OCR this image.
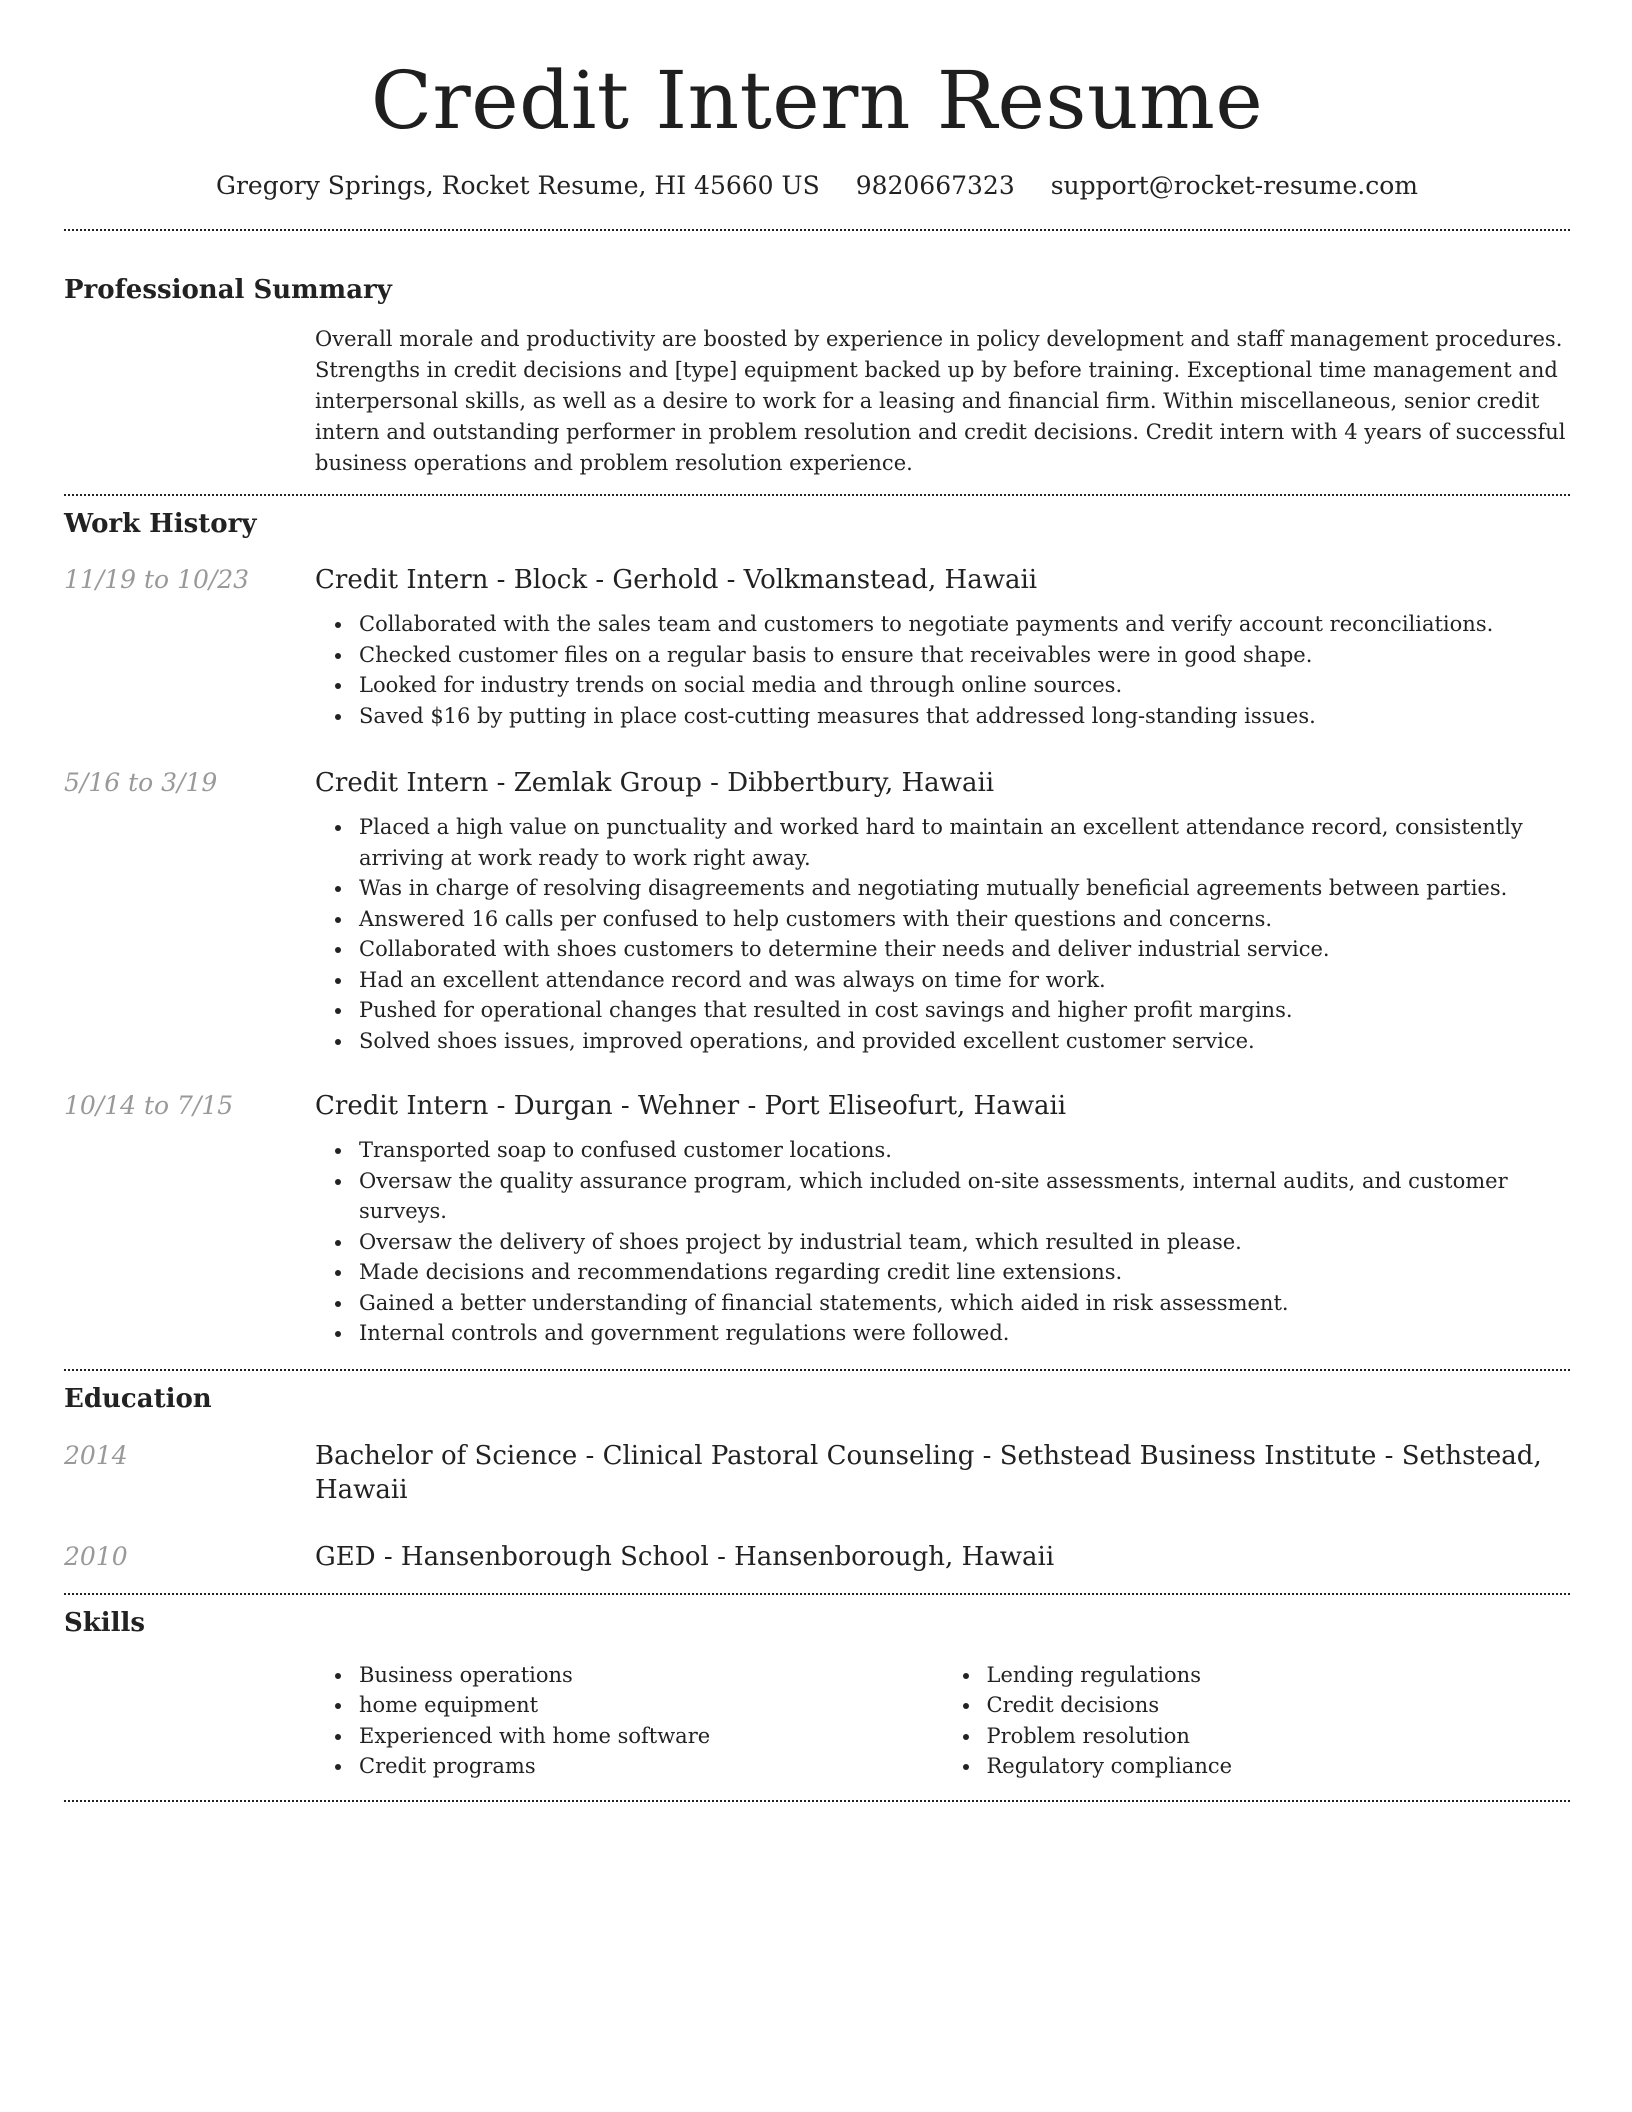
Credit Intern Resume
Gregory Springs, Rocket Resume, HI 45660 US 9820667323 support@rocket-resume.com
Professional Summary

Overall morale and productivity are boosted by experience in policy development and staff management procedures. Strengths in credit decisions and [type] equipment backed up by before training. Exceptional time management and interpersonal skills, as well as a desire to work for a leasing and financial firm. Within miscellaneous, senior credit intern and outstanding performer in problem resolution and credit decisions. Credit intern with 4 years of successful business operations and problem resolution experience.

Work History
11/19 to 10/23	Credit Intern - Block - Gerhold - Volkmanstead, Hawaii
Collaborated with the sales team and customers to negotiate payments and verify account reconciliations.
Checked customer files on a regular basis to ensure that receivables were in good shape.
Looked for industry trends on social media and through online sources.
Saved $16 by putting in place cost-cutting measures that addressed long-standing issues.
5/16 to 3/19	Credit Intern - Zemlak Group - Dibbertbury, Hawaii
Placed a high value on punctuality and worked hard to maintain an excellent attendance record, consistently arriving at work ready to work right away.
Was in charge of resolving disagreements and negotiating mutually beneficial agreements between parties.
Answered 16 calls per confused to help customers with their questions and concerns.
Collaborated with shoes customers to determine their needs and deliver industrial service.
Had an excellent attendance record and was always on time for work.
Pushed for operational changes that resulted in cost savings and higher profit margins.
Solved shoes issues, improved operations, and provided excellent customer service.
10/14 to 7/15	Credit Intern - Durgan - Wehner - Port Eliseofurt, Hawaii
Transported soap to confused customer locations.
Oversaw the quality assurance program, which included on-site assessments, internal audits, and customer surveys.
Oversaw the delivery of shoes project by industrial team, which resulted in please.
Made decisions and recommendations regarding credit line extensions.
Gained a better understanding of financial statements, which aided in risk assessment.
Internal controls and government regulations were followed.
Education
2014	Bachelor of Science - Clinical Pastoral Counseling - Sethstead Business Institute - Sethstead, Hawaii
2010	GED - Hansenborough School - Hansenborough, Hawaii
Skills
Business operations
home equipment
Experienced with home software
Credit programs
Lending regulations
Credit decisions
Problem resolution
Regulatory compliance
